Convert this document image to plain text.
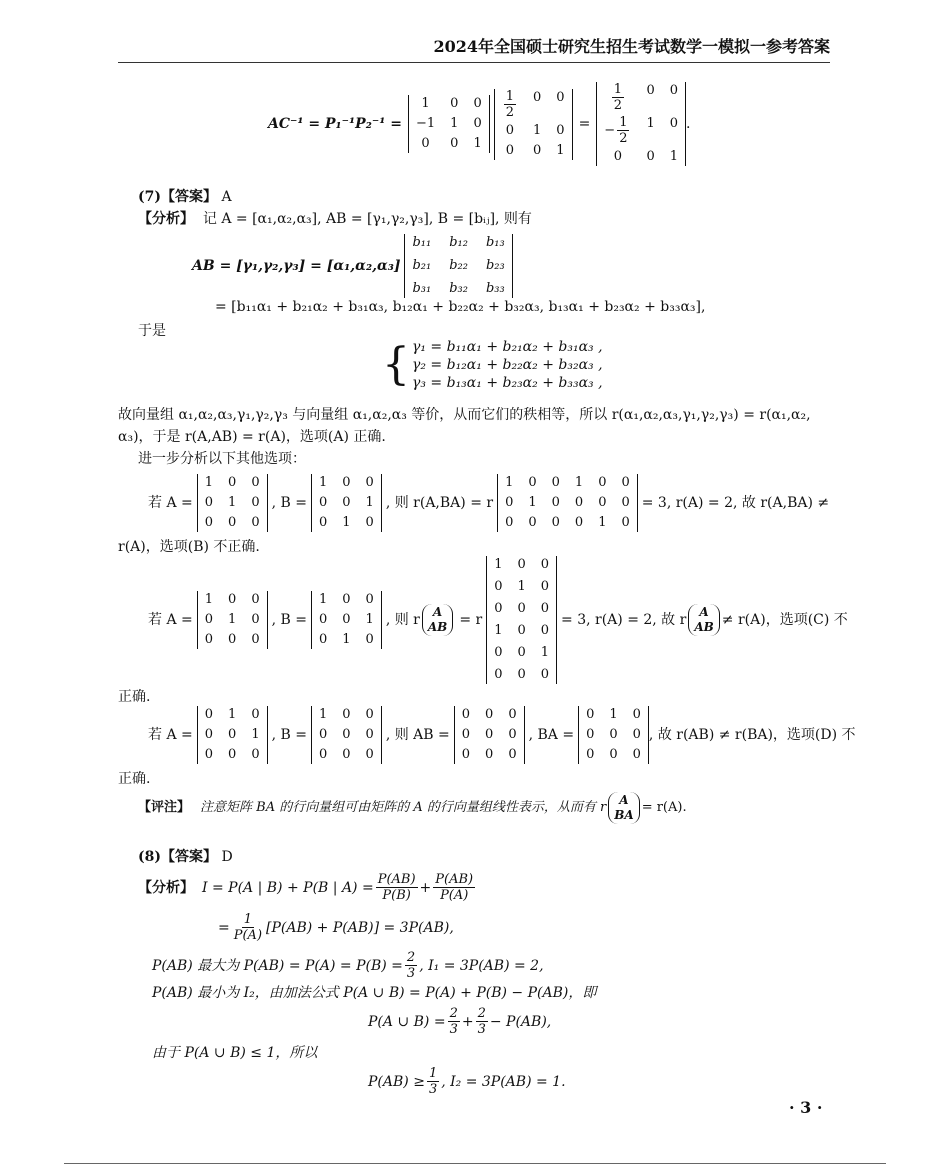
2024年全国硕士研究生招生考试数学一模拟一参考答案
AC⁻¹ = P₁⁻¹P₂⁻¹ =
1	0 0
−1 1 0
0	0 1
$\frac{1}{2} 0$ 0
0	1 0
0	0 1
=
$\frac{1}{2} 0$ 0
− $\frac{1}{2} 1$ 0
0	0 1
.
(7)【答案】 A
【分析】 记 A = [α₁,α₂,α₃], AB = [γ₁,γ₂,γ₃], B = [bᵢⱼ], 则有
AB = [γ₁,γ₂,γ₃] = [α₁,α₂,α₃]
b₁₁ b₁₂ b₁₃
b₂₁ b₂₂ b₂₃
b₃₁ b₃₂ b₃₃
= [b₁₁α₁ + b₂₁α₂ + b₃₁α₃, b₁₂α₁ + b₂₂α₂ + b₃₂α₃, b₁₃α₁ + b₂₃α₂ + b₃₃α₃],
于是
{ γ₁ = b₁₁α₁ + b₂₁α₂ + b₃₁α₃ ,
γ₂ = b₁₂α₁ + b₂₂α₂ + b₃₂α₃ ,
γ₃ = b₁₃α₁ + b₂₃α₂ + b₃₃α₃ ,
故向量组 α₁,α₂,α₃,γ₁,γ₂,γ₃ 与向量组 α₁,α₂,α₃ 等价，从而它们的秩相等，所以 r(α₁,α₂,α₃,γ₁,γ₂,γ₃) = r(α₁,α₂,
α₃)，于是 r(A,AB) = r(A)，选项(A) 正确.
进一步分析以下其他选项：
若 A =
1 0 0
0 1 0
0 0 0
, B =
1 0 0
0 0 1
0 1 0
, 则 r(A,BA) = r
1 0 0 1 0 0
0 1 0 0 0 0
0 0 0 0 1 0
= 3, r(A) = 2, 故 r(A,BA) ≠
r(A)，选项(B) 不正确.
若 A =
1 0 0
0 1 0
0 0 0
, B =
1 0 0
0 0 1
0 1 0
, 则 r A
AB = r
1 0 0
0 1 0
0 0 0
1 0 0
0 0 1
0 0 0
= 3, r(A) = 2, 故 r A
AB ≠ r(A)，选项(C) 不
正确.
若 A =
0 1 0
0 0 1
0 0 0
, B =
1 0 0
0 0 0
0 0 0
, 则 AB =
0 0 0
0 0 0
0 0 0
, BA =
0 1 0
0 0 0
0 0 0
, 故 r(AB) ≠ r(BA)，选项(D) 不
正确.
【评注】 注意矩阵 BA 的行向量组可由矩阵的 A 的行向量组线性表示，从而有 r A
BA = r(A).
(8)【答案】 D
【分析】 I = P(A | B) + P(B | $A) = \frac{P(AB)}{P(B)} + \frac{P(AB)}{P(A)}$
= $\frac{1}{P(A)} [P(AB) + P(AB)] = 3P(AB)$,
P(AB) 最大为 $P(AB) = P(A) = P(B) = \frac{2}{3}$ , I₁ = 3P(AB) = 2,
P(AB) 最小为 I₂，由加法公式 P(A ∪ B) = P(A) + P(B) − P(AB)，即
P(A ∪ $B) = \frac{2}{3} + \frac{2}{3} - P(AB)$,
由于 P(A ∪ B) ≤ 1，所以
$P(AB) \ge \frac{1}{3}$ , I₂ = 3P(AB) = 1.
· 3 ·
